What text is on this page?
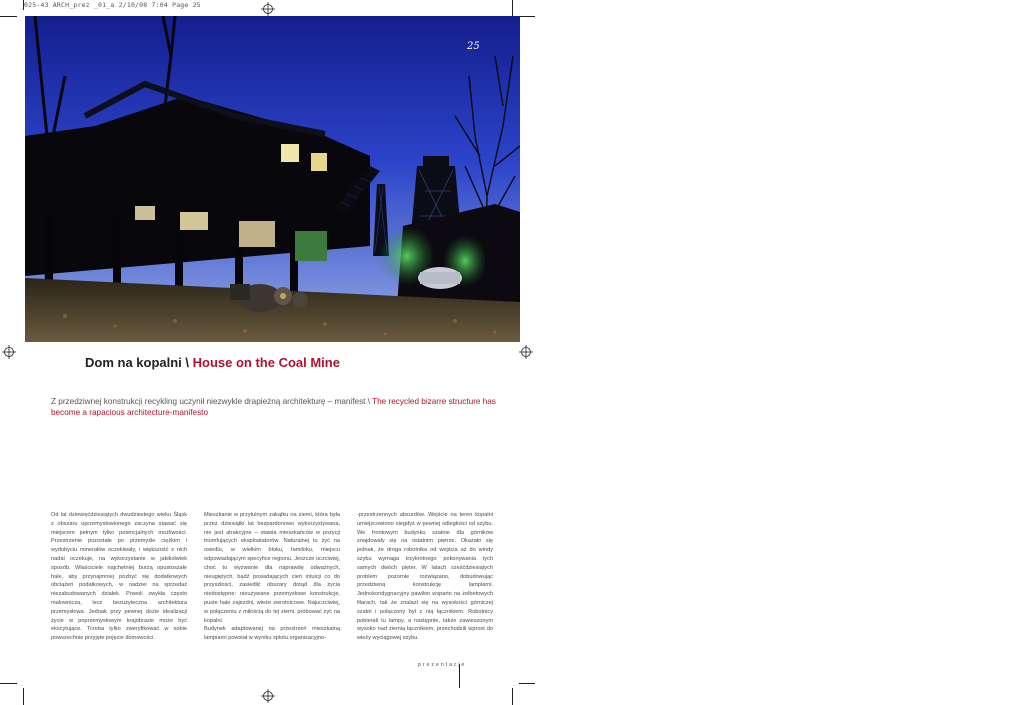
025-43 ARCH_prez _01_a 2/10/08 7:04 Page 25
25
Dom na kopalni \ House on the Coal Mine
Z przedziwnej konstrukcji recykling uczynił niezwykle drapieżną architekturę – manifest \ The recycled bizarre structure has become a rapacious architecture-manifesto

Od lat dziewięćdziesiątych dwudziestego wieku Śląsk z obszaru uprzemysłowionego zaczyna stawać się miejscem pełnym tylko potencjalnych możliwości. Przestrzenie pozostałe po przemyśle ciężkim i wydobyciu minerałów oczekiwały, i większość z nich nadal oczekuje, na wykorzystanie w jakikolwiek sposób. Właściciele najchętniej burzą opustoszałe hale, aby przynajmniej pozbyć się dodatkowych obciążeń podatkowych, w nadziei na sprzedaż niezabudowanych działek. Powoli zwykła często malownicza, lecz bezużyteczna architektura przemysłowa. Jednak przy pewnej dozie idealizacji życie w poprzemysłowym krajobrazie może być ekscytujące. Trzeba tylko zweryfikować w sobie powszechnie przyjęte pojęcie domowości.

Mieszkanie w przytulnym zakątku na ziemi, która była przez dziesiątki lat bezpardonowo wykorzystywana, nie jest atrakcyjne – stawia mieszkańców w pozycji triumfujących eksploatatorów. Naturalnej tu żyć na osiedlu, w wielkim bloku, familoku, miejscu odpowiadającym specyfice regionu. Jeszcze uczciwiej, choć to wyzwanie dla naprawdę odważnych, nieugiętych, bądź posiadających cień intuicji co do przyszłości, zasiedlić obszary dotąd dla życia niedostępne: nieużywane przemysłowe konstrukcje, puste hale zajezdni, wieże zwrotnicowe. Najuczciwiej, w połączeniu z miłością do tej ziemi, próbować żyć na kopalni.

Budynek adaptowanej na przestrzeń mieszkalną lampiarni powstał w wyniku splotu organizacyjno-

-przestrzennych absurdów. Wejście na teren kopalni umiejscowiono niegdyś w pewnej odległości od szybu. We frontowym budynku szatnie dla górników znajdowały się na ostatnim piętrze. Okazało się jednak, że droga robotnika od wejścia aż do windy szybu wymaga trzykrotnego pokonywania tych samych dwóch pięter. W latach sześćdziesiątych problem pozornie rozwiązano, dobudowując przedziwną konstrukcję lampiarni. Jednokondygnacyjny pawilon wsparto na żelbetowych filarach, tak że znalazł się na wysokości górniczej szatni i połączony był z nią łącznikiem. Robotnicy pobierali tu lampy, a następnie, także zawieszonym wysoko nad ziemią łącznikiem, przechodzili wprost do wieży wyciągowej szybu.

prezentacje
